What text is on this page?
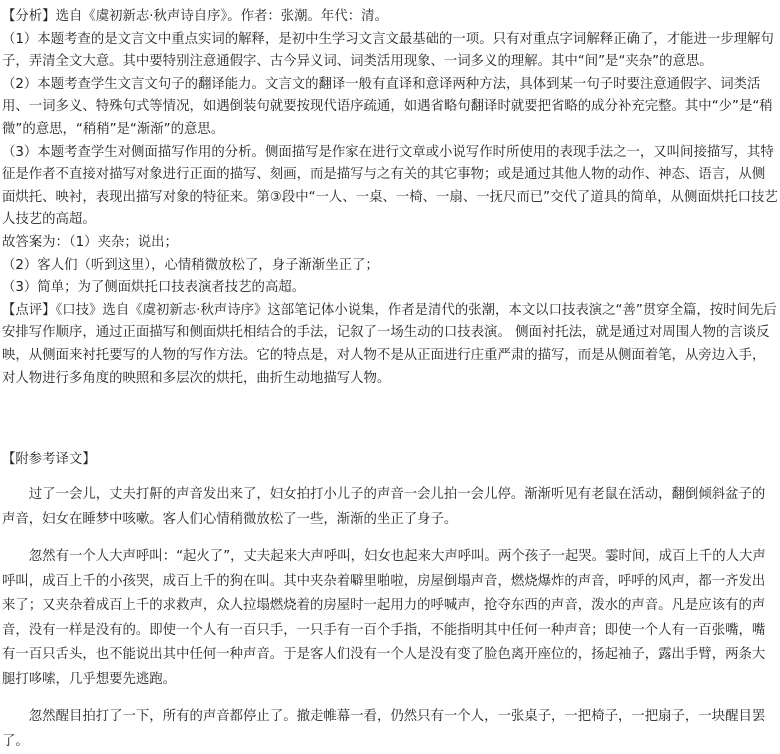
【分析】选自《虞初新志·秋声诗自序》。作者：张潮。年代：清。

（1）本题考查的是文言文中重点实词的解释，是初中生学习文言文最基础的一项。只有对重点字词解释正确了，才能进一步理解句子，弄清全文大意。其中要特别注意通假字、古今异义词、词类活用现象、一词多义的理解。其中“间”是“夹杂”的意思。

（2）本题考查学生文言文句子的翻译能力。文言文的翻译一般有直译和意译两种方法，具体到某一句子时要注意通假字、词类活用、一词多义、特殊句式等情况，如遇倒装句就要按现代语序疏通，如遇省略句翻译时就要把省略的成分补充完整。其中“少”是“稍微”的意思，“稍稍”是“渐渐”的意思。

（3）本题考查学生对侧面描写作用的分析。侧面描写是作家在进行文章或小说写作时所使用的表现手法之一，又叫间接描写，其特征是作者不直接对描写对象进行正面的描写、刻画，而是描写与之有关的其它事物；或是通过其他人物的动作、神态、语言，从侧面烘托、映衬，表现出描写对象的特征来。第③段中“一人、一桌、一椅、一扇、一抚尺而已”交代了道具的简单，从侧面烘托口技艺人技艺的高超。

故答案为：（1）夹杂；说出；

（2）客人们（听到这里），心情稍微放松了，身子渐渐坐正了；

（3）简单；为了侧面烘托口技表演者技艺的高超。

【点评】《口技》选自《虞初新志·秋声诗序》这部笔记体小说集，作者是清代的张潮，本文以口技表演之“善”贯穿全篇，按时间先后安排写作顺序，通过正面描写和侧面烘托相结合的手法，记叙了一场生动的口技表演。 侧面衬托法，就是通过对周围人物的言谈反映，从侧面来衬托要写的人物的写作方法。它的特点是，对人物不是从正面进行庄重严肃的描写，而是从侧面着笔，从旁边入手，对人物进行多角度的映照和多层次的烘托，曲折生动地描写人物。

【附参考译文】

过了一会儿，丈夫打鼾的声音发出来了，妇女拍打小儿子的声音一会儿拍一会儿停。渐渐听见有老鼠在活动，翻倒倾斜盆子的声音，妇女在睡梦中咳嗽。客人们心情稍微放松了一些，渐渐的坐正了身子。

忽然有一个人大声呼叫：“起火了”，丈夫起来大声呼叫，妇女也起来大声呼叫。两个孩子一起哭。霎时间，成百上千的人大声呼叫，成百上千的小孩哭，成百上千的狗在叫。其中夹杂着噼里啪啦，房屋倒塌声音，燃烧爆炸的声音，呼呼的风声，都一齐发出来了；又夹杂着成百上千的求救声，众人拉塌燃烧着的房屋时一起用力的呼喊声，抢夺东西的声音，泼水的声音。凡是应该有的声音，没有一样是没有的。即使一个人有一百只手，一只手有一百个手指，不能指明其中任何一种声音；即使一个人有一百张嘴，嘴有一百只舌头，也不能说出其中任何一种声音。于是客人们没有一个人是没有变了脸色离开座位的，扬起袖子，露出手臂，两条大腿打哆嗦，几乎想要先逃跑。

忽然醒目拍打了一下，所有的声音都停止了。撤走帷幕一看，仍然只有一个人，一张桌子，一把椅子，一把扇子，一块醒目罢了。
